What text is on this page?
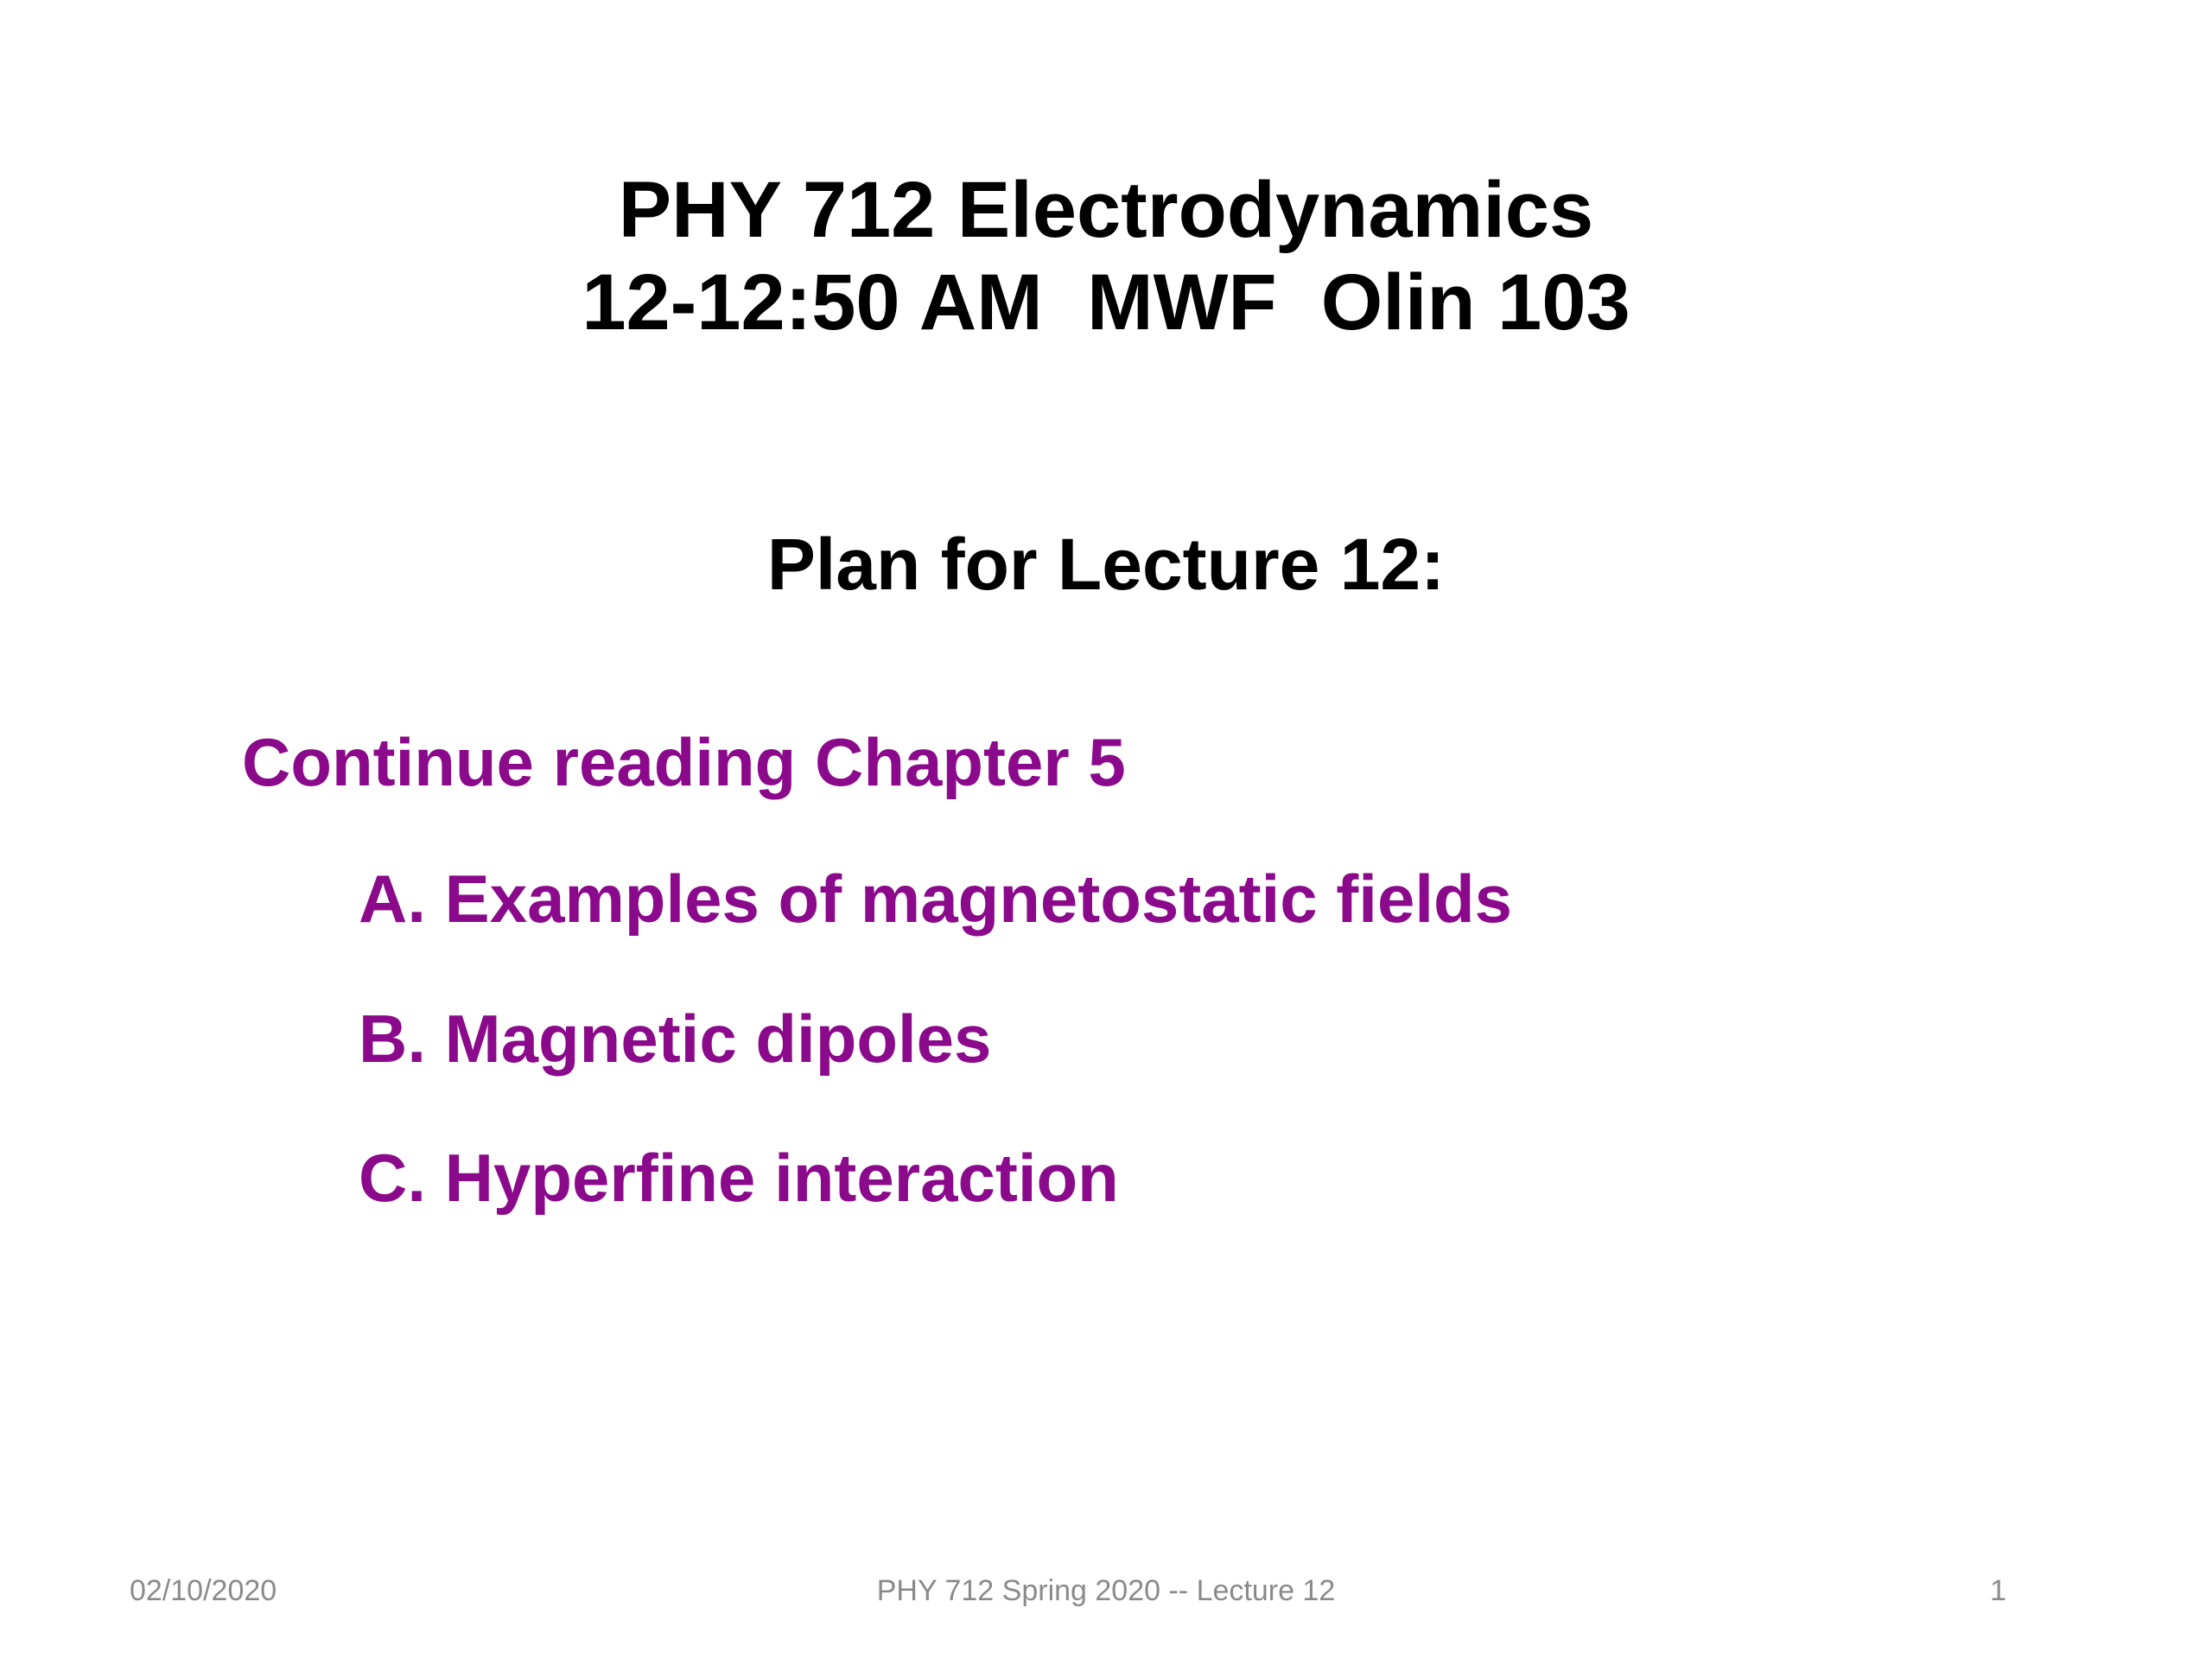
PHY 712 Electrodynamics
12-12:50 AM  MWF  Olin 103
Plan for Lecture 12:
Continue reading Chapter 5
A. Examples of magnetostatic fields
B. Magnetic dipoles
C. Hyperfine interaction
02/10/2020	PHY 712 Spring 2020 -- Lecture 12	1
